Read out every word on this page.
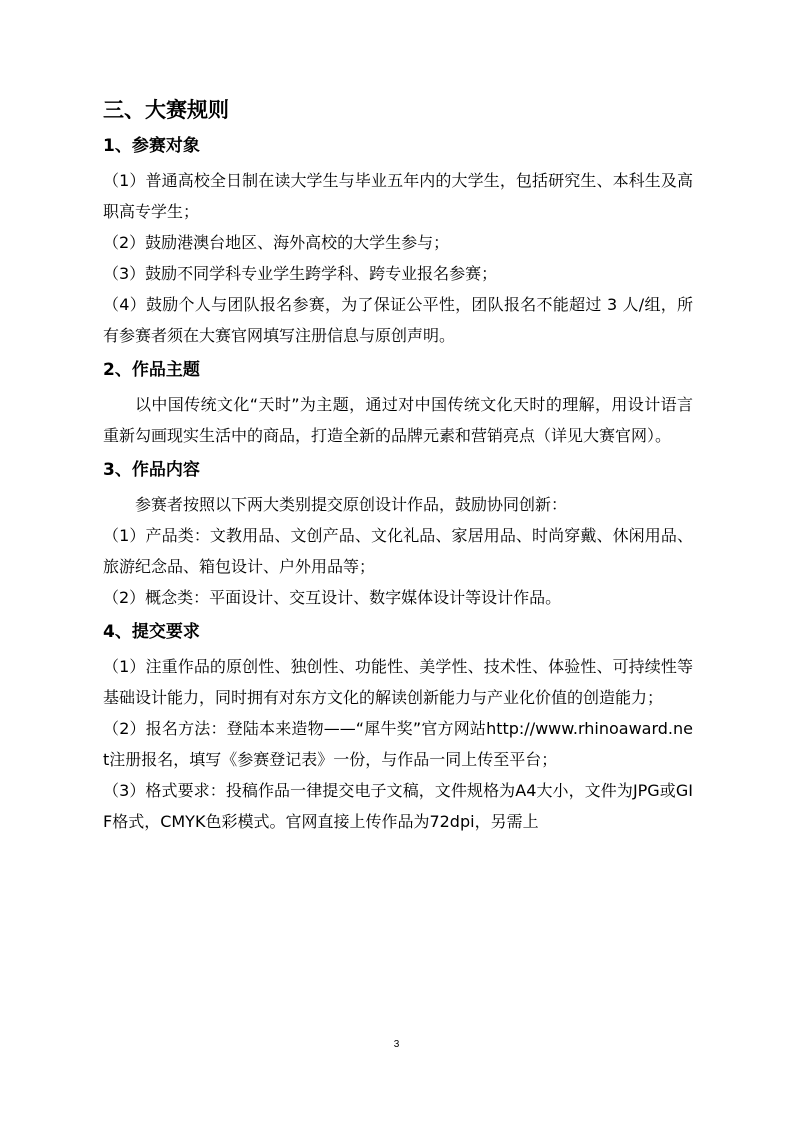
三、大赛规则
1、参赛对象

（1）普通高校全日制在读大学生与毕业五年内的大学生，包括研究生、本科生及高职高专学生；

（2）鼓励港澳台地区、海外高校的大学生参与；

（3）鼓励不同学科专业学生跨学科、跨专业报名参赛；

（4）鼓励个人与团队报名参赛，为了保证公平性，团队报名不能超过 3 人/组，所有参赛者须在大赛官网填写注册信息与原创声明。

2、作品主题

以中国传统文化“天时”为主题，通过对中国传统文化天时的理解，用设计语言重新勾画现实生活中的商品，打造全新的品牌元素和营销亮点（详见大赛官网）。

3、作品内容

参赛者按照以下两大类别提交原创设计作品，鼓励协同创新：

（1）产品类：文教用品、文创产品、文化礼品、家居用品、时尚穿戴、休闲用品、旅游纪念品、箱包设计、户外用品等；

（2）概念类：平面设计、交互设计、数字媒体设计等设计作品。

4、提交要求

（1）注重作品的原创性、独创性、功能性、美学性、技术性、体验性、可持续性等基础设计能力，同时拥有对东方文化的解读创新能力与产业化价值的创造能力；

（2）报名方法：登陆本来造物——“犀牛奖”官方网站http://www.rhinoaward.net注册报名，填写《参赛登记表》一份，与作品一同上传至平台；

（3）格式要求：投稿作品一律提交电子文稿，文件规格为A4大小，文件为JPG或GIF格式，CMYK色彩模式。官网直接上传作品为72dpi，另需上

3
